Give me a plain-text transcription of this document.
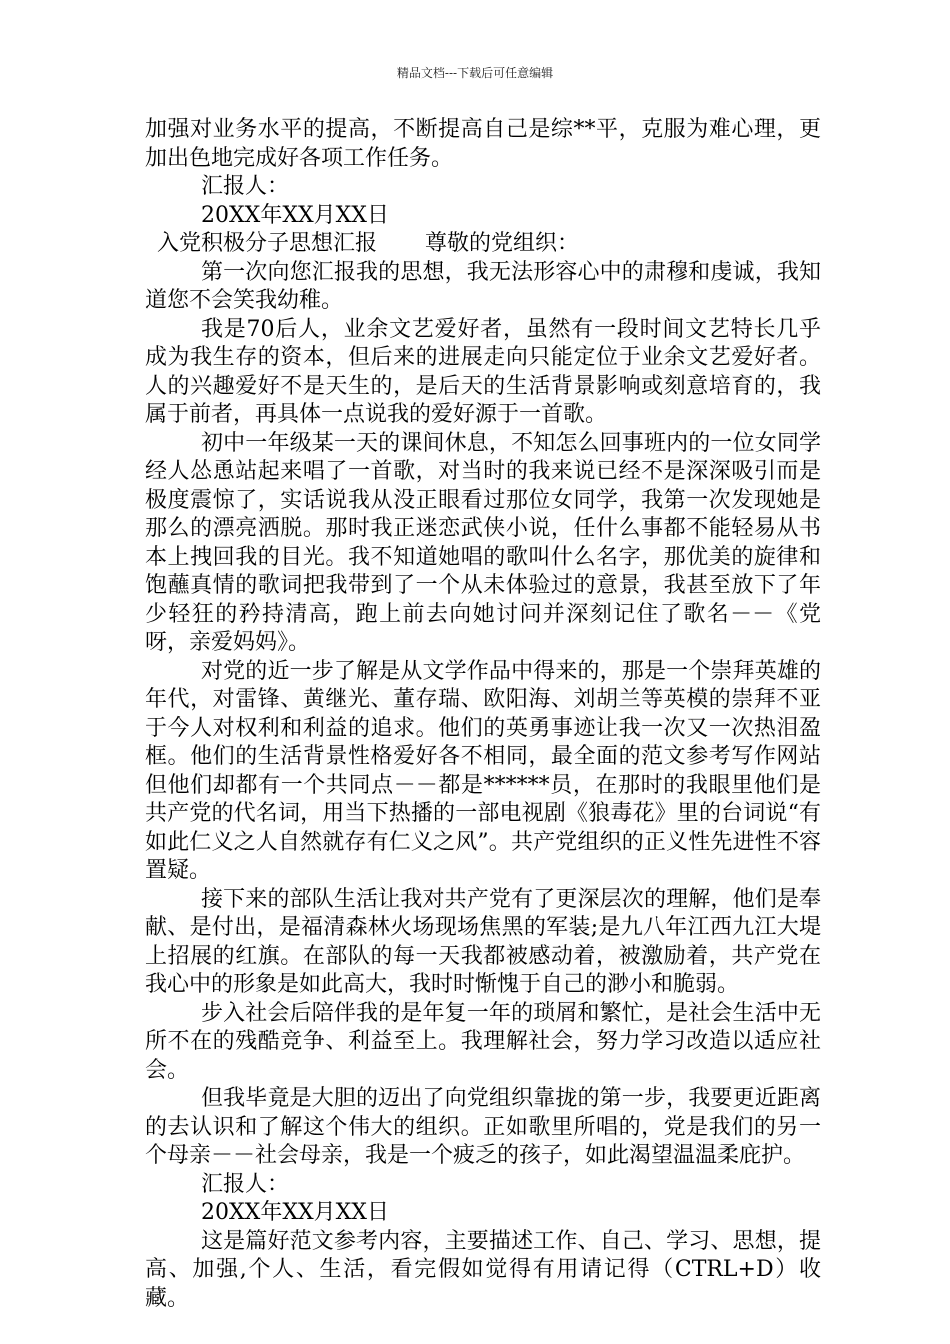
精品文档---下载后可任意编辑

加强对业务水平的提高，不断提高自己是综**平，克服为难心理，更加出色地完成好各项工作任务。

汇报人：

20XX年XX月XX日

入党积极分子思想汇报 尊敬的党组织：

第一次向您汇报我的思想，我无法形容心中的肃穆和虔诚，我知道您不会笑我幼稚。

我是70后人，业余文艺爱好者，虽然有一段时间文艺特长几乎成为我生存的资本，但后来的进展走向只能定位于业余文艺爱好者。人的兴趣爱好不是天生的，是后天的生活背景影响或刻意培育的，我属于前者，再具体一点说我的爱好源于一首歌。

初中一年级某一天的课间休息，不知怎么回事班内的一位女同学经人怂恿站起来唱了一首歌，对当时的我来说已经不是深深吸引而是极度震惊了，实话说我从没正眼看过那位女同学，我第一次发现她是那么的漂亮洒脱。那时我正迷恋武侠小说，任什么事都不能轻易从书本上拽回我的目光。我不知道她唱的歌叫什么名字，那优美的旋律和饱蘸真情的歌词把我带到了一个从未体验过的意景，我甚至放下了年少轻狂的矜持清高，跑上前去向她讨问并深刻记住了歌名－－《党呀，亲爱妈妈》。

对党的近一步了解是从文学作品中得来的，那是一个崇拜英雄的年代，对雷锋、黄继光、董存瑞、欧阳海、刘胡兰等英模的崇拜不亚于今人对权利和利益的追求。他们的英勇事迹让我一次又一次热泪盈框。他们的生活背景性格爱好各不相同，最全面的范文参考写作网站但他们却都有一个共同点－－都是******员，在那时的我眼里他们是共产党的代名词，用当下热播的一部电视剧《狼毒花》里的台词说“有如此仁义之人自然就存有仁义之风”。共产党组织的正义性先进性不容置疑。

接下来的部队生活让我对共产党有了更深层次的理解，他们是奉献、是付出，是福清森林火场现场焦黑的军装;是九八年江西九江大堤上招展的红旗。在部队的每一天我都被感动着，被激励着，共产党在我心中的形象是如此高大，我时时惭愧于自己的渺小和脆弱。

步入社会后陪伴我的是年复一年的琐屑和繁忙，是社会生活中无所不在的残酷竞争、利益至上。我理解社会，努力学习改造以适应社会。

但我毕竟是大胆的迈出了向党组织靠拢的第一步，我要更近距离的去认识和了解这个伟大的组织。正如歌里所唱的，党是我们的另一个母亲－－社会母亲，我是一个疲乏的孩子，如此渴望温温柔庇护。

汇报人：

20XX年XX月XX日

这是篇好范文参考内容，主要描述工作、自己、学习、思想，提高、加强,个人、生活，看完假如觉得有用请记得（CTRL+D）收藏。
